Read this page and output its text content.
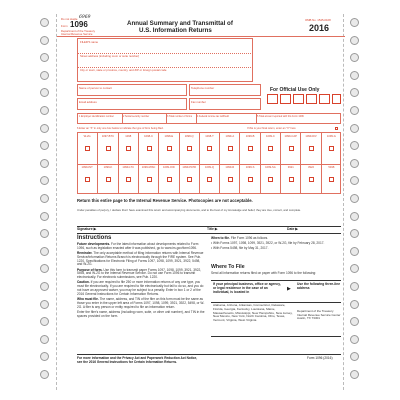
6969
Do not staple
Form 1096
Department of the Treasury
Internal Revenue Service
Annual Summary and Transmittal of
U.S. Information Returns
OMB No. 1545-0108
2016
FILER'S name
Street address (including room or suite number)
City or town, state or province, country, and ZIP or foreign postal code
Name of person to contact	Telephone number
Email address	Fax number
For Official Use Only
1 Employer identification number	2 Social security number	3 Total number of forms 4 Federal income tax withheld	5 Total amount reported with this Form 1096
6 Enter an "X" in only one box below to indicate the type of form being filed.	If this is your final return, enter an "X" here
W-2G	1097-BTC	1098	1098-C	1098-E	1098-Q	1098-T	1099-A	1099-B	1099-C	1099-CAP	1099-DIV	1099-G
1099-INT	1099-K	1099-LTC	1099-MISC	1099-OID	1099-PATR	1099-Q	1099-R	1099-S	1099-SA	3921	3922	5498
Return this entire page to the Internal Revenue Service. Photocopies are not acceptable.
Under penalties of perjury, I declare that I have examined this return and accompanying documents, and to the best of my knowledge and belief, they are true, correct, and complete.
Signature ▶	Title ▶	Date ▶
Instructions

Future developments. For the latest information about developments related to Form 1096, such as legislation enacted after it was published, go to www.irs.gov/form1096.

Reminder. The only acceptable method of filing information returns with Internal Revenue Service/Information Returns Branch is electronically through the FIRE system. See Pub. 1220, Specifications for Electronic Filing of Forms 1097, 1098, 1099, 3921, 3922, 5498, and W-2G.

Purpose of form. Use this form to transmit paper Forms 1097, 1098, 1099, 3921, 3922, 5498, and W-2G to the Internal Revenue Service. Do not use Form 1096 to transmit electronically. For electronic submissions, see Pub. 1220.

Caution. If you are required to file 250 or more information returns of any one type, you must file electronically. If you are required to file electronically but fail to do so, and you do not have an approved waiver, you may be subject to a penalty. Enter in box 1 or 2 of the 2016 General Instructions for Certain Information Returns.

Who must file. The name, address, and TIN of the filer on this form must be the same as those you enter in the upper left area of Forms 1097, 1098, 1099, 3921, 3922, 5498, or W-2G. A filer is any person or entity required to file an information return.

Enter the filer's name, address (including room, suite, or other unit number), and TIN in the spaces provided on the form.

When to file. File Form 1096 as follows.

• With Forms 1097, 1098, 1099, 3921, 3922, or W-2G, file by February 28, 2017.

• With Forms 5498, file by May 31, 2017.

Where To File

Send all information returns filed on paper with Form 1096 to the following:

If your principal business, office or agency, or legal residence in the case of an individual, is located in
Use the following three-line address
▶
Alabama, Arizona, Arkansas, Connecticut, Delaware, Florida, Georgia, Kentucky, Louisiana, Maine, Massachusetts, Mississippi, New Hampshire, New Jersey, New Mexico, New York, North Carolina, Ohio, Texas, Vermont, Virginia, West Virginia
Department of the Treasury Internal Revenue Service Center Austin, TX 73301
For more information and the Privacy Act and Paperwork Reduction Act Notice,
see the 2016 General Instructions for Certain Information Returns.
Form 1096 (2016)
